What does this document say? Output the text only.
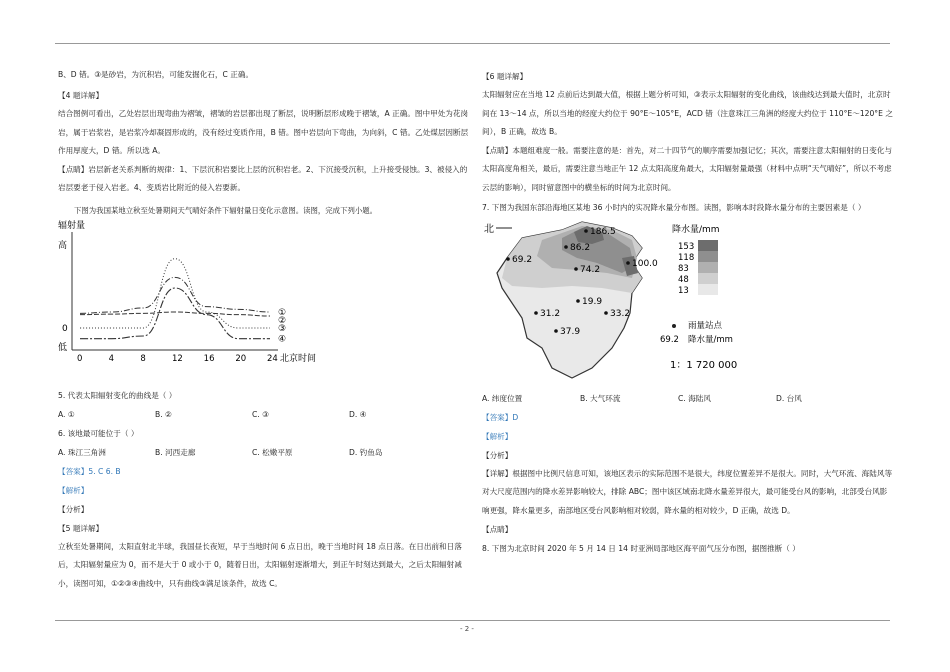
B、D 错。③是砂岩，为沉积岩，可能发掘化石，C 正确。

【4 题详解】

结合图例可看出，乙处岩层出现弯曲为褶皱，褶皱的岩层都出现了断层，说明断层形成晚于褶皱，A 正确。图中甲处为花岗岩，属于岩浆岩，是岩浆冷却凝固形成的，没有经过变质作用，B 错。图中岩层向下弯曲，为向斜，C 错。乙处煤层因断层作用厚度大，D 错。所以选 A。

【点睛】岩层新老关系判断的规律：1、下层沉积岩要比上层的沉积岩老。2、下沉接受沉积，上升接受侵蚀。3、被侵入的岩层要老于侵入岩老。4、变质岩比附近的侵入岩要新。

下图为我国某地立秋至处暑期间天气晴好条件下辐射量日变化示意图。读图，完成下列小题。

辐射量
高
0
低
0	4	8	12 16 20 24
①
②
③
④
北京时间

5. 代表太阳辐射变化的曲线是（ ）

A. ①	B. ②	C. ③	D. ④

6. 该地最可能位于（ ）

A. 珠江三角洲	B. 河西走廊	C. 松嫩平原	D. 钓鱼岛

【答案】5. C 6. B

【解析】

【分析】

【5 题详解】

立秋至处暑期间，太阳直射北半球，我国昼长夜短，早于当地时间 6 点日出，晚于当地时间 18 点日落。在日出前和日落后，太阳辐射量应为 0，而不是大于 0 或小于 0，随着日出，太阳辐射逐渐增大，到正午时刻达到最大，之后太阳辐射减小，读图可知，①②③④曲线中，只有曲线③满足该条件，故选 C。

【6 题详解】

太阳辐射应在当地 12 点前后达到最大值，根据上题分析可知，③表示太阳辐射的变化曲线，该曲线达到最大值时，北京时间在 13～14 点，所以当地的经度大约位于 90°E～105°E，ACD 错（注意珠江三角洲的经度大约位于 110°E～120°E 之间），B 正确，故选 B。

【点睛】本题组难度一般。需要注意的是：首先，对二十四节气的顺序需要加强记忆；其次，需要注意太阳辐射的日变化与太阳高度角相关，最后，需要注意当地正午 12 点太阳高度角最大，太阳辐射量最强（材料中点明“天气晴好”，所以不考虑云层的影响），同时留意图中的横坐标的时间为北京时间。

7. 下图为我国东部沿海地区某地 36 小时内的实况降水量分布图。读图，影响本时段降水量分布的主要因素是（ ）

北	186.5
86.2
69.2
74.2
100.0
19.9
31.2	33.2
37.9
降水量/mm
153
118
83
48
13
雨量站点
69.2 降水量/mm
1：1 720 000
A. 纬度位置	B. 大气环流	C. 海陆风	D. 台风

【答案】D

【解析】

【分析】

【详解】根据图中比例尺信息可知，该地区表示的实际范围不是很大，纬度位置差异不是很大。同时，大气环流、海陆风等对大尺度范围内的降水差异影响较大，排除 ABC；图中该区域南北降水量差异很大，最可能受台风的影响，北部受台风影响更强，降水量更多，南部地区受台风影响相对较弱，降水量的相对较少，D 正确，故选 D。

【点睛】

8. 下图为北京时间 2020 年 5 月 14 日 14 时亚洲局部地区海平面气压分布图，据图推断（ ）

- 2 -
